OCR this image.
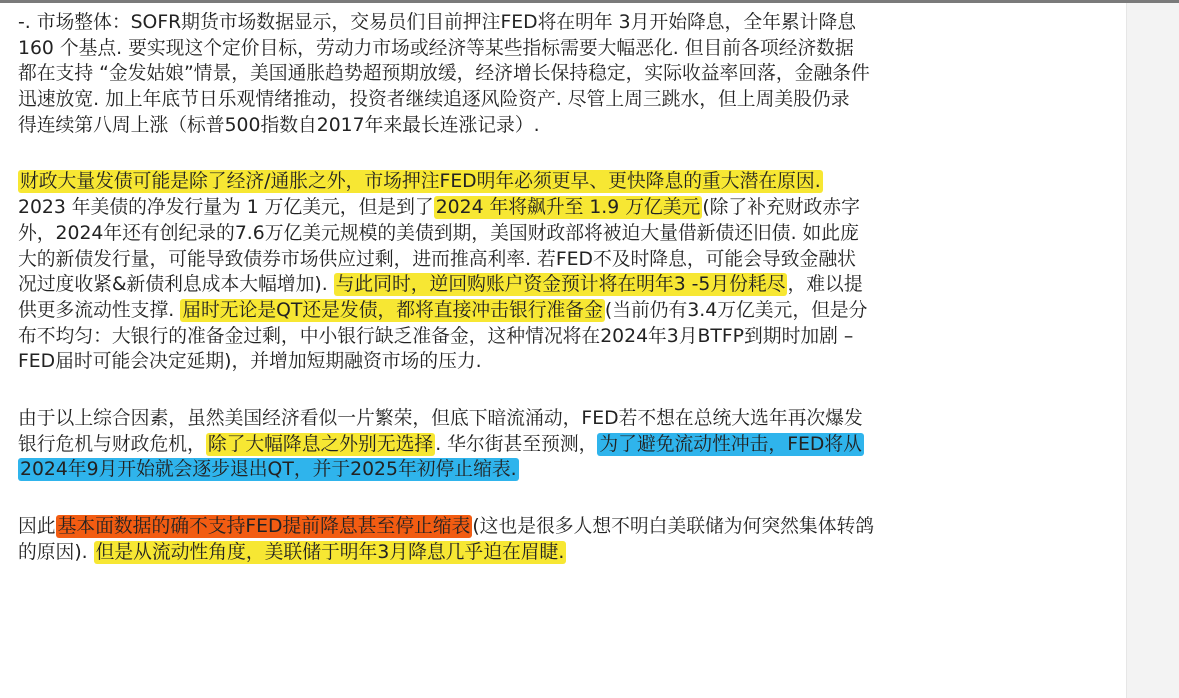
-. 市场整体：SOFR期货市场数据显示，交易员们目前押注FED将在明年 3月开始降息，全年累计降息
160 个基点. 要实现这个定价目标，劳动力市场或经济等某些指标需要大幅恶化. 但目前各项经济数据
都在支持 “金发姑娘”情景，美国通胀趋势超预期放缓，经济增长保持稳定，实际收益率回落，金融条件
迅速放宽. 加上年底节日乐观情绪推动，投资者继续追逐风险资产. 尽管上周三跳水，但上周美股仍录
得连续第八周上涨（标普500指数自2017年来最长连涨记录）.
财政大量发债可能是除了经济/通胀之外，市场押注FED明年必须更早、更快降息的重大潜在原因.
2023 年美债的净发行量为 1 万亿美元，但是到了 2024 年将飙升至 1.9 万亿美元 (除了补充财政赤字
外，2024年还有创纪录的7.6万亿美元规模的美债到期，美国财政部将被迫大量借新债还旧债. 如此庞
大的新债发行量，可能导致债券市场供应过剩，进而推高利率. 若FED不及时降息，可能会导致金融状
况过度收紧&新债利息成本大幅增加). 与此同时，逆回购账户资金预计将在明年3 -5月份耗尽 ，难以提
供更多流动性支撑. 届时无论是QT还是发债，都将直接冲击银行准备金 (当前仍有3.4万亿美元，但是分
布不均匀：大银行的准备金过剩，中小银行缺乏准备金，这种情况将在2024年3月BTFP到期时加剧 –
FED届时可能会决定延期)，并增加短期融资市场的压力.
由于以上综合因素，虽然美国经济看似一片繁荣，但底下暗流涌动，FED若不想在总统大选年再次爆发
银行危机与财政危机， 除了大幅降息之外别无选择 . 华尔街甚至预测， 为了避免流动性冲击，FED将从
2024年9月开始就会逐步退出QT，并于2025年初停止缩表.
因此 基本面数据的确不支持FED提前降息甚至停止缩表 (这也是很多人想不明白美联储为何突然集体转鸽
的原因). 但是从流动性角度，美联储于明年3月降息几乎迫在眉睫.
